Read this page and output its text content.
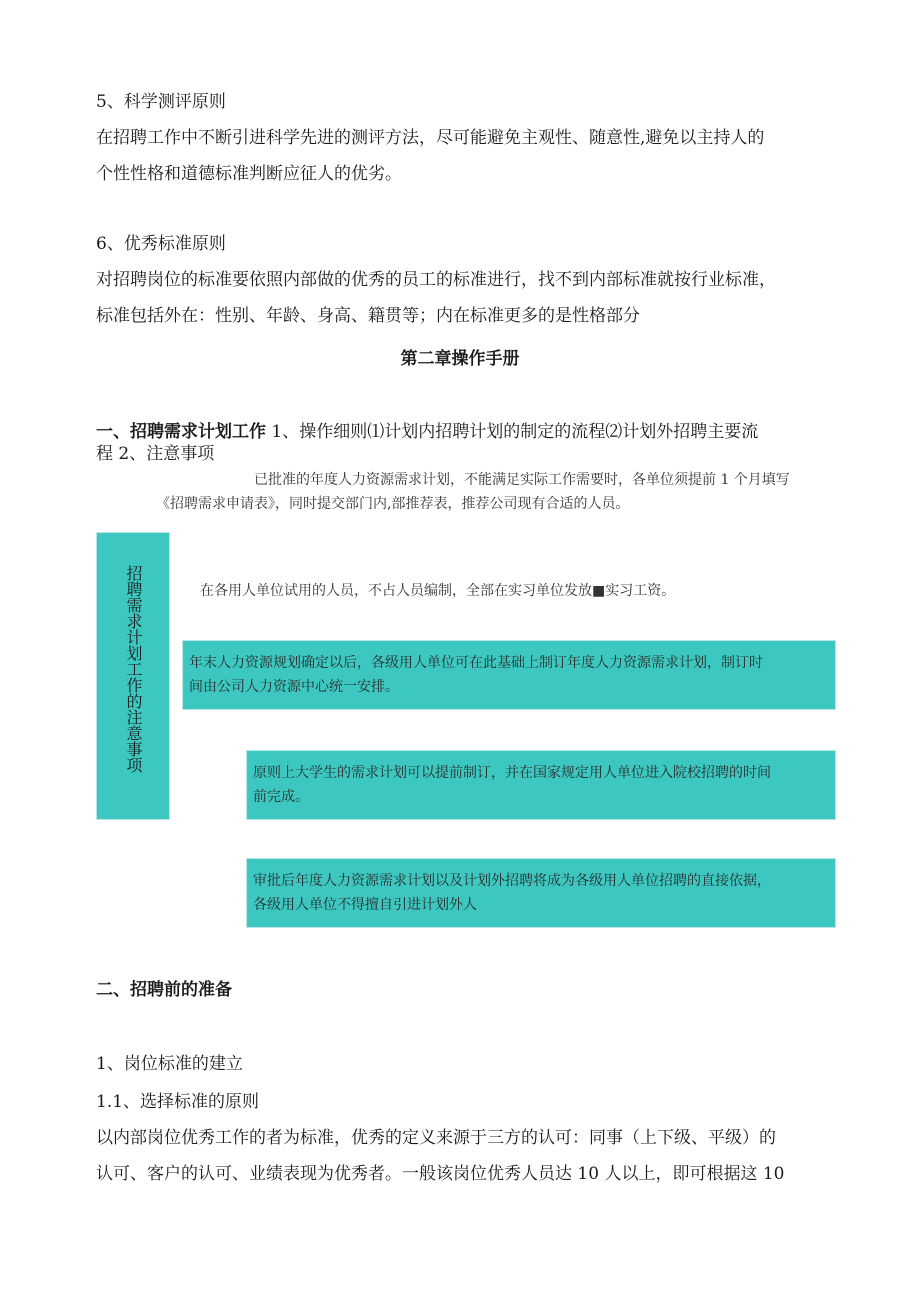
5、科学测评原则
在招聘工作中不断引进科学先进的测评方法，尽可能避免主观性、随意性,避免以主持人的
个性性格和道德标准判断应征人的优劣。
6、优秀标准原则
对招聘岗位的标准要依照内部做的优秀的员工的标准进行，找不到内部标准就按行业标准，
标准包括外在：性别、年龄、身高、籍贯等；内在标准更多的是性格部分
第二章操作手册
一、招聘需求计划工作 1、操作细则⑴计划内招聘计划的制定的流程⑵计划外招聘主要流
程 2、注意事项
已批准的年度人力资源需求计划，不能满足实际工作需要时，各单位须提前 1 个月填写
《招聘需求申请表》，同时提交部门内,部推荐表，推荐公司现有合适的人员。
招聘需求计划工作的注意事项	在各用人单位试用的人员，不占人员编制，全部在实习单位发放■实习工资。
年末人力资源规划确定以后，各级用人单位可在此基础上制订年度人力资源需求计划，制订时
间由公司人力资源中心统一安排。
原则上大学生的需求计划可以提前制订，并在国家规定用人单位进入院校招聘的时间
前完成。
审批后年度人力资源需求计划以及计划外招聘将成为各级用人单位招聘的直接依据，
各级用人单位不得擅自引进计划外人
二、招聘前的准备
1、岗位标准的建立
1.1、选择标准的原则
以内部岗位优秀工作的者为标准，优秀的定义来源于三方的认可：同事（上下级、平级）的
认可、客户的认可、业绩表现为优秀者。一般该岗位优秀人员达 10 人以上，即可根据这 10
